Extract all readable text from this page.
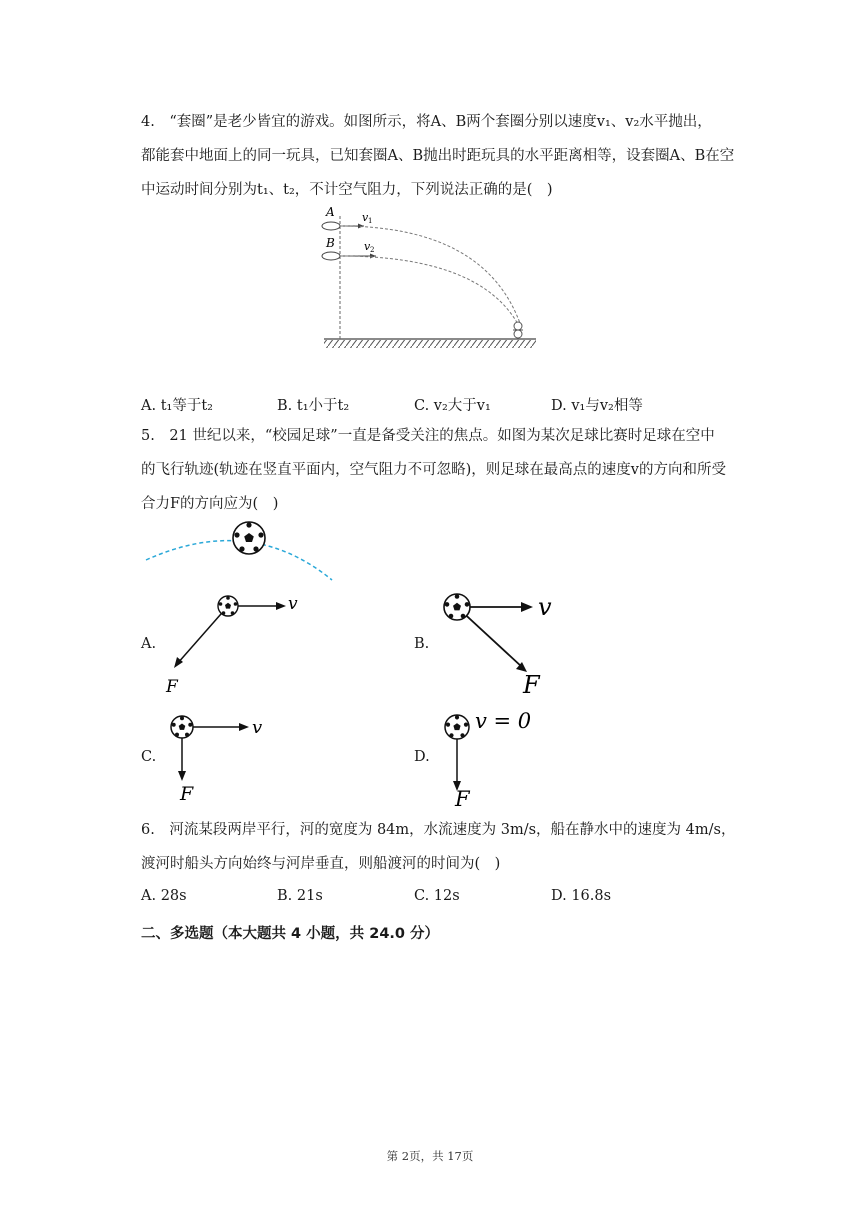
4.　“套圈”是老少皆宜的游戏。如图所示，将A、B两个套圈分别以速度v₁、v₂水平抛出，
都能套中地面上的同一玩具，已知套圈A、B抛出时距玩具的水平距离相等，设套圈A、B在空
中运动时间分别为t₁、t₂，不计空气阻力，下列说法正确的是(　)
A
B
v 1
v 2
A. t₁等于t₂	B. t₁小于t₂	C. v₂大于v₁	D. v₁与v₂相等
5.　21 世纪以来，“校园足球”一直是备受关注的焦点。如图为某次足球比赛时足球在空中
的飞行轨迹(轨迹在竖直平面内，空气阻力不可忽略)，则足球在最高点的速度v的方向和所受
合力F的方向应为(　)
A.
v
F
B.
v
F
C.
v
F
D.
v = 0
F
6.　河流某段两岸平行，河的宽度为 84m，水流速度为 3m/s，船在静水中的速度为 4m/s，
渡河时船头方向始终与河岸垂直，则船渡河的时间为(　)
A. 28s	B. 21s	C. 12s	D. 16.8s
二、多选题（本大题共 4 小题，共 24.0 分）
第 2页，共 17页
